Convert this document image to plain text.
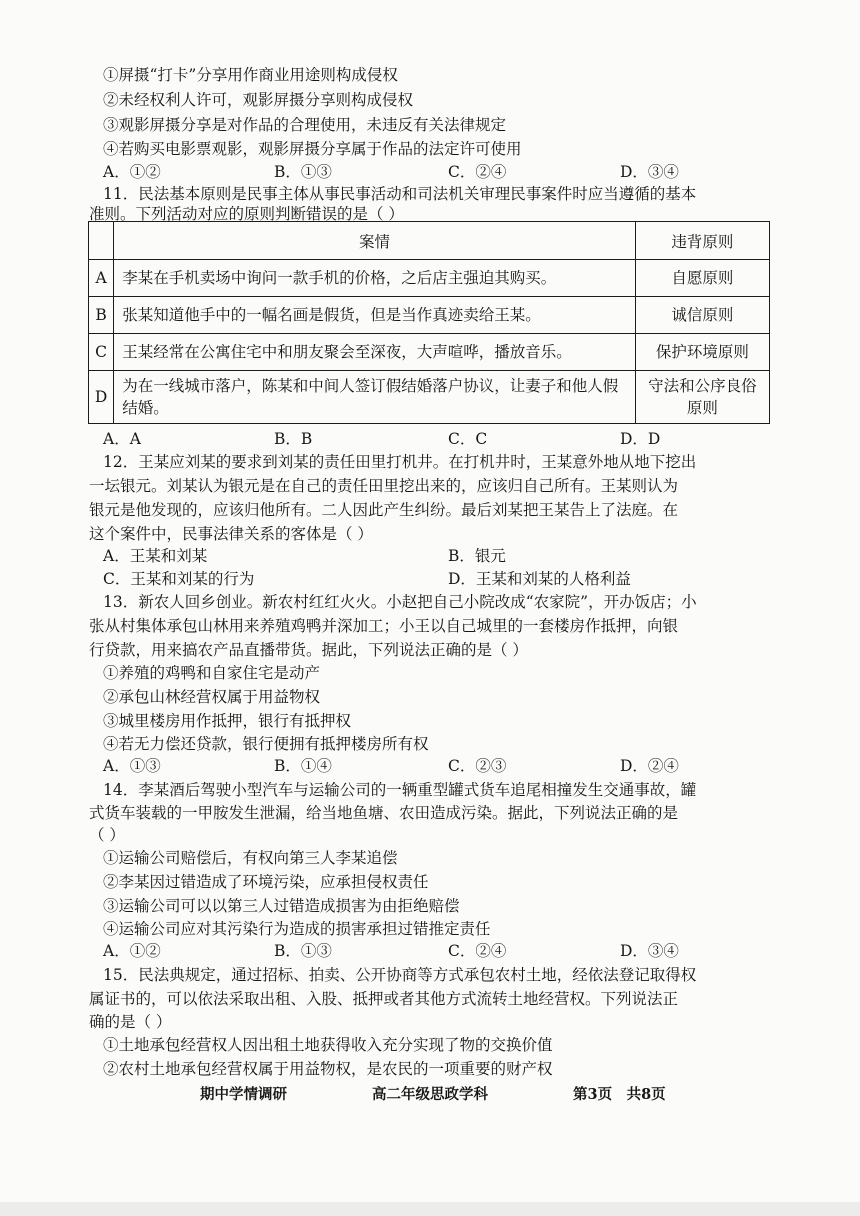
①屏摄“打卡”分享用作商业用途则构成侵权
②未经权利人许可，观影屏摄分享则构成侵权
③观影屏摄分享是对作品的合理使用，未违反有关法律规定
④若购买电影票观影，观影屏摄分享属于作品的法定许可使用
A．①②	B．①③	C．②④	D．③④
11．民法基本原则是民事主体从事民事活动和司法机关审理民事案件时应当遵循的基本
准则。下列活动对应的原则判断错误的是（ ）
	案情	违背原则
A	李某在手机卖场中询问一款手机的价格，之后店主强迫其购买。	自愿原则
B	张某知道他手中的一幅名画是假货，但是当作真迹卖给王某。	诚信原则
C	王某经常在公寓住宅中和朋友聚会至深夜，大声喧哗，播放音乐。	保护环境原则
D	为在一线城市落户，陈某和中间人签订假结婚落户协议，让妻子和他人假结婚。	守法和公序良俗原则
A．A	B．B	C．C	D．D
12．王某应刘某的要求到刘某的责任田里打机井。在打机井时，王某意外地从地下挖出
一坛银元。刘某认为银元是在自己的责任田里挖出来的，应该归自己所有。王某则认为
银元是他发现的，应该归他所有。二人因此产生纠纷。最后刘某把王某告上了法庭。在
这个案件中，民事法律关系的客体是（ ）
A．王某和刘某	B．银元
C．王某和刘某的行为	D．王某和刘某的人格利益
13．新农人回乡创业。新农村红红火火。小赵把自己小院改成“农家院”，开办饭店；小
张从村集体承包山林用来养殖鸡鸭并深加工；小王以自己城里的一套楼房作抵押，向银
行贷款，用来搞农产品直播带货。据此，下列说法正确的是（ ）
①养殖的鸡鸭和自家住宅是动产
②承包山林经营权属于用益物权
③城里楼房用作抵押，银行有抵押权
④若无力偿还贷款，银行便拥有抵押楼房所有权
A．①③	B．①④	C．②③	D．②④
14．李某酒后驾驶小型汽车与运输公司的一辆重型罐式货车追尾相撞发生交通事故，罐
式货车装载的一甲胺发生泄漏，给当地鱼塘、农田造成污染。据此，下列说法正确的是
（ ）
①运输公司赔偿后，有权向第三人李某追偿
②李某因过错造成了环境污染，应承担侵权责任
③运输公司可以以第三人过错造成损害为由拒绝赔偿
④运输公司应对其污染行为造成的损害承担过错推定责任
A．①②	B．①③	C．②④	D．③④
15．民法典规定，通过招标、拍卖、公开协商等方式承包农村土地，经依法登记取得权
属证书的，可以依法采取出租、入股、抵押或者其他方式流转土地经营权。下列说法正
确的是（ ）
①土地承包经营权人因出租土地获得收入充分实现了物的交换价值
②农村土地承包经营权属于用益物权，是农民的一项重要的财产权
期中学情调研	高二年级思政学科	第3页　共8页
